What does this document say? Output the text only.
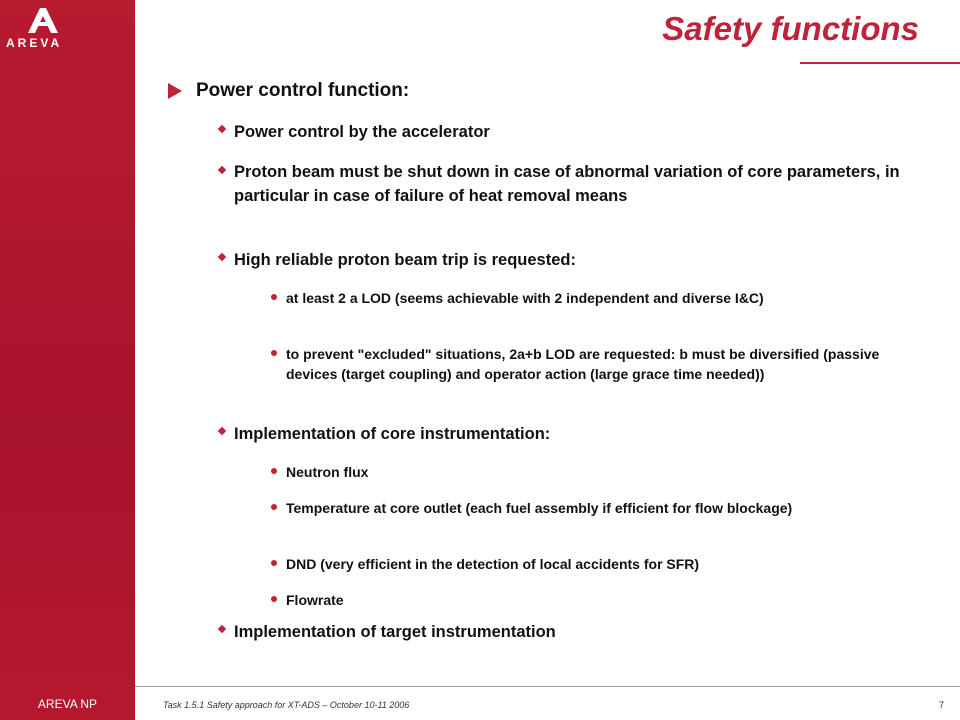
AREVA
AREVA NP
Safety functions
Power control function:
Power control by the accelerator
Proton beam must be shut down in case of abnormal variation of core parameters, in particular in case of failure of heat removal means
High reliable proton beam trip is requested:
at least 2 a LOD (seems achievable with 2 independent and diverse I&C)
to prevent "excluded" situations, 2a+b LOD are requested: b must be diversified (passive devices (target coupling) and operator action (large grace time needed))
Implementation of core instrumentation:
Neutron flux
Temperature at core outlet (each fuel assembly if efficient for flow blockage)
DND (very efficient in the detection of local accidents for SFR)
Flowrate
Implementation of target instrumentation
Task 1.5.1 Safety approach for XT-ADS – October 10-11 2006	7
